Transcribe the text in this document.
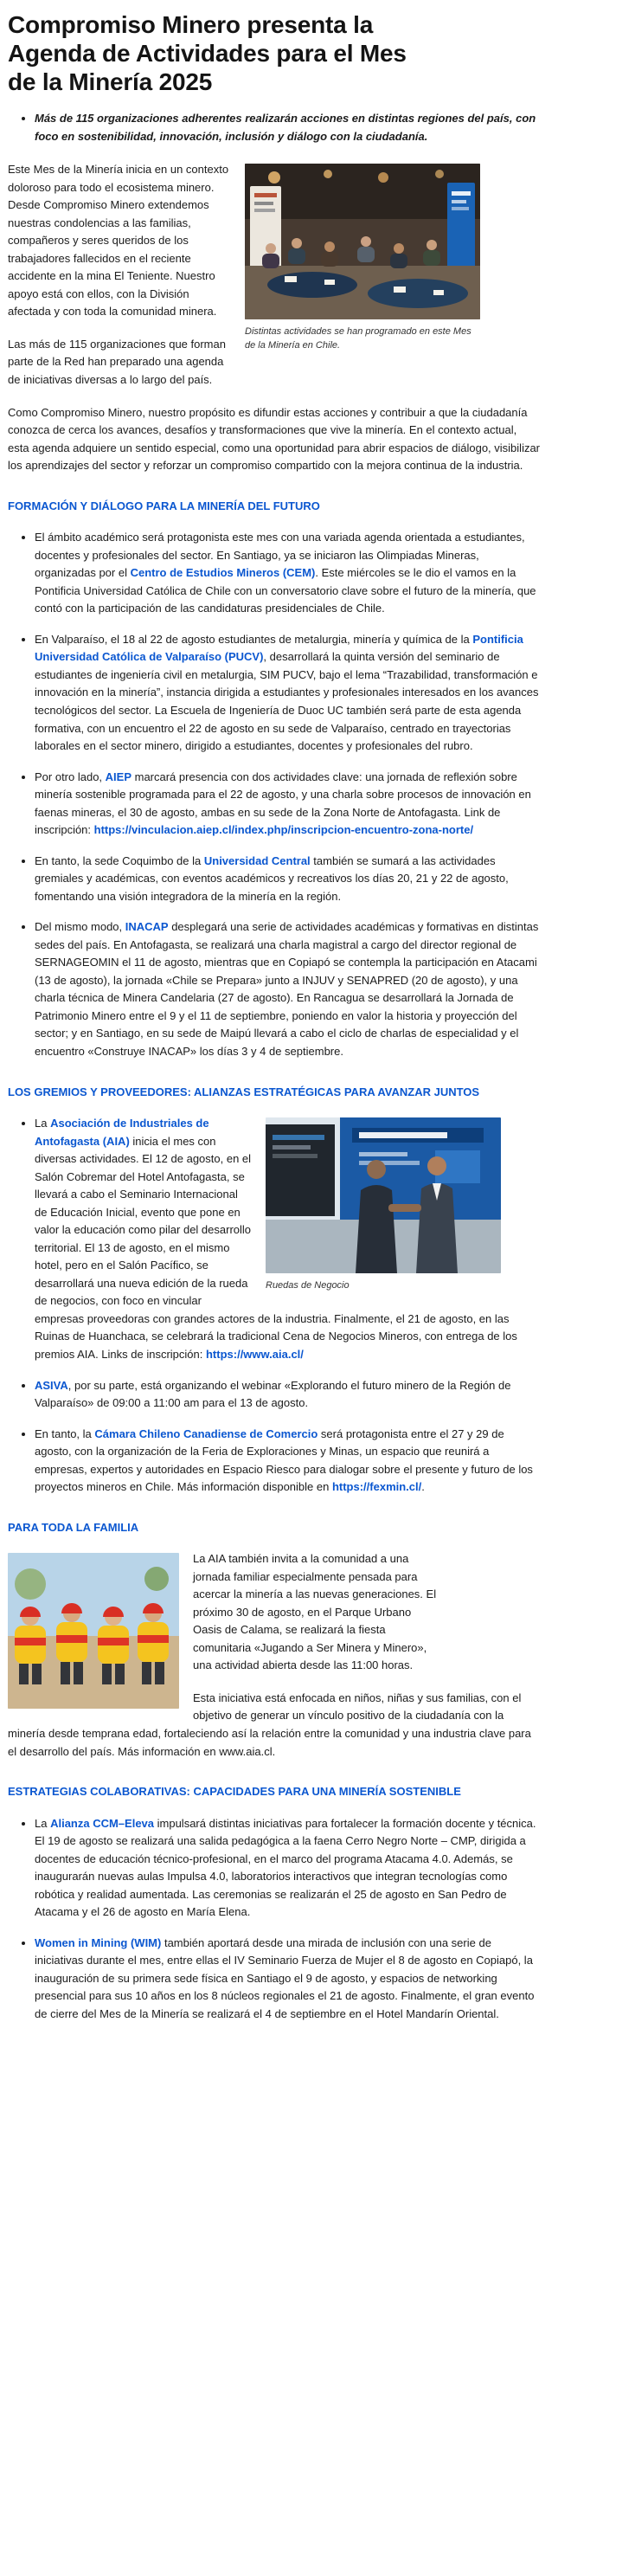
Compromiso Minero presenta la Agenda de Actividades para el Mes de la Minería 2025
• Más de 115 organizaciones adherentes realizarán acciones en distintas regiones del país, con foco en sostenibilidad, innovación, inclusión y diálogo con la ciudadanía.
Distintas actividades se han programado en este Mes de la Minería en Chile.

Este Mes de la Minería inicia en un contexto doloroso para todo el ecosistema minero. Desde Compromiso Minero extendemos nuestras condolencias a las familias, compañeros y seres queridos de los trabajadores fallecidos en el reciente accidente en la mina El Teniente. Nuestro apoyo está con ellos, con la División afectada y con toda la comunidad minera.

Las más de 115 organizaciones que forman parte de la Red han preparado una agenda de iniciativas diversas a lo largo del país.

Como Compromiso Minero, nuestro propósito es difundir estas acciones y contribuir a que la ciudadanía conozca de cerca los avances, desafíos y transformaciones que vive la minería. En el contexto actual, esta agenda adquiere un sentido especial, como una oportunidad para abrir espacios de diálogo, visibilizar los aprendizajes del sector y reforzar un compromiso compartido con la mejora continua de la industria.

FORMACIÓN Y DIÁLOGO PARA LA MINERÍA DEL FUTURO
• El ámbito académico será protagonista este mes con una variada agenda orientada a estudiantes, docentes y profesionales del sector. En Santiago, ya se iniciaron las Olimpiadas Mineras, organizadas por el Centro de Estudios Mineros (CEM). Este miércoles se le dio el vamos en la Pontificia Universidad Católica de Chile con un conversatorio clave sobre el futuro de la minería, que contó con la participación de las candidaturas presidenciales de Chile.
• En Valparaíso, el 18 al 22 de agosto estudiantes de metalurgia, minería y química de la Pontificia Universidad Católica de Valparaíso (PUCV), desarrollará la quinta versión del seminario de estudiantes de ingeniería civil en metalurgia, SIM PUCV, bajo el lema “Trazabilidad, transformación e innovación en la minería”, instancia dirigida a estudiantes y profesionales interesados en los avances tecnológicos del sector. La Escuela de Ingeniería de Duoc UC también será parte de esta agenda formativa, con un encuentro el 22 de agosto en su sede de Valparaíso, centrado en trayectorias laborales en el sector minero, dirigido a estudiantes, docentes y profesionales del rubro.
• Por otro lado, AIEP marcará presencia con dos actividades clave: una jornada de reflexión sobre minería sostenible programada para el 22 de agosto, y una charla sobre procesos de innovación en faenas mineras, el 30 de agosto, ambas en su sede de la Zona Norte de Antofagasta. Link de inscripción: https://vinculacion.aiep.cl/index.php/inscripcion-encuentro-zona-norte/
• En tanto, la sede Coquimbo de la Universidad Central también se sumará a las actividades gremiales y académicas, con eventos académicos y recreativos los días 20, 21 y 22 de agosto, fomentando una visión integradora de la minería en la región.
• Del mismo modo, INACAP desplegará una serie de actividades académicas y formativas en distintas sedes del país. En Antofagasta, se realizará una charla magistral a cargo del director regional de SERNAGEOMIN el 11 de agosto, mientras que en Copiapó se contempla la participación en Atacami (13 de agosto), la jornada «Chile se Prepara» junto a INJUV y SENAPRED (20 de agosto), y una charla técnica de Minera Candelaria (27 de agosto). En Rancagua se desarrollará la Jornada de Patrimonio Minero entre el 9 y el 11 de septiembre, poniendo en valor la historia y proyección del sector; y en Santiago, en su sede de Maipú llevará a cabo el ciclo de charlas de especialidad y el encuentro «Construye INACAP» los días 3 y 4 de septiembre.
LOS GREMIOS Y PROVEEDORES: ALIANZAS ESTRATÉGICAS PARA AVANZAR JUNTOS
• Ruedas de Negocio
La Asociación de Industriales de Antofagasta (AIA) inicia el mes con diversas actividades. El 12 de agosto, en el Salón Cobremar del Hotel Antofagasta, se llevará a cabo el Seminario Internacional de Educación Inicial, evento que pone en valor la educación como pilar del desarrollo territorial. El 13 de agosto, en el mismo hotel, pero en el Salón Pacífico, se desarrollará una nueva edición de la rueda de negocios, con foco en vincular empresas proveedoras con grandes actores de la industria. Finalmente, el 21 de agosto, en las Ruinas de Huanchaca, se celebrará la tradicional Cena de Negocios Mineros, con entrega de los premios AIA. Links de inscripción: https://www.aia.cl/
• ASIVA, por su parte, está organizando el webinar «Explorando el futuro minero de la Región de Valparaíso» de 09:00 a 11:00 am para el 13 de agosto.
• En tanto, la Cámara Chileno Canadiense de Comercio será protagonista entre el 27 y 29 de agosto, con la organización de la Feria de Exploraciones y Minas, un espacio que reunirá a empresas, expertos y autoridades en Espacio Riesco para dialogar sobre el presente y futuro de los proyectos mineros en Chile. Más información disponible en https://fexmin.cl/.
PARA TODA LA FAMILIA

La AIA también invita a la comunidad a una jornada familiar especialmente pensada para acercar la minería a las nuevas generaciones. El próximo 30 de agosto, en el Parque Urbano Oasis de Calama, se realizará la fiesta comunitaria «Jugando a Ser Minera y Minero», una actividad abierta desde las 11:00 horas.

Esta iniciativa está enfocada en niños, niñas y sus familias, con el objetivo de generar un vínculo positivo de la ciudadanía con la minería desde temprana edad, fortaleciendo así la relación entre la comunidad y una industria clave para el desarrollo del país. Más información en www.aia.cl.

ESTRATEGIAS COLABORATIVAS: CAPACIDADES PARA UNA MINERÍA SOSTENIBLE
• La Alianza CCM–Eleva impulsará distintas iniciativas para fortalecer la formación docente y técnica. El 19 de agosto se realizará una salida pedagógica a la faena Cerro Negro Norte – CMP, dirigida a docentes de educación técnico-profesional, en el marco del programa Atacama 4.0. Además, se inaugurarán nuevas aulas Impulsa 4.0, laboratorios interactivos que integran tecnologías como robótica y realidad aumentada. Las ceremonias se realizarán el 25 de agosto en San Pedro de Atacama y el 26 de agosto en María Elena.
• Women in Mining (WIM) también aportará desde una mirada de inclusión con una serie de iniciativas durante el mes, entre ellas el IV Seminario Fuerza de Mujer el 8 de agosto en Copiapó, la inauguración de su primera sede física en Santiago el 9 de agosto, y espacios de networking presencial para sus 10 años en los 8 núcleos regionales el 21 de agosto. Finalmente, el gran evento de cierre del Mes de la Minería se realizará el 4 de septiembre en el Hotel Mandarín Oriental.
